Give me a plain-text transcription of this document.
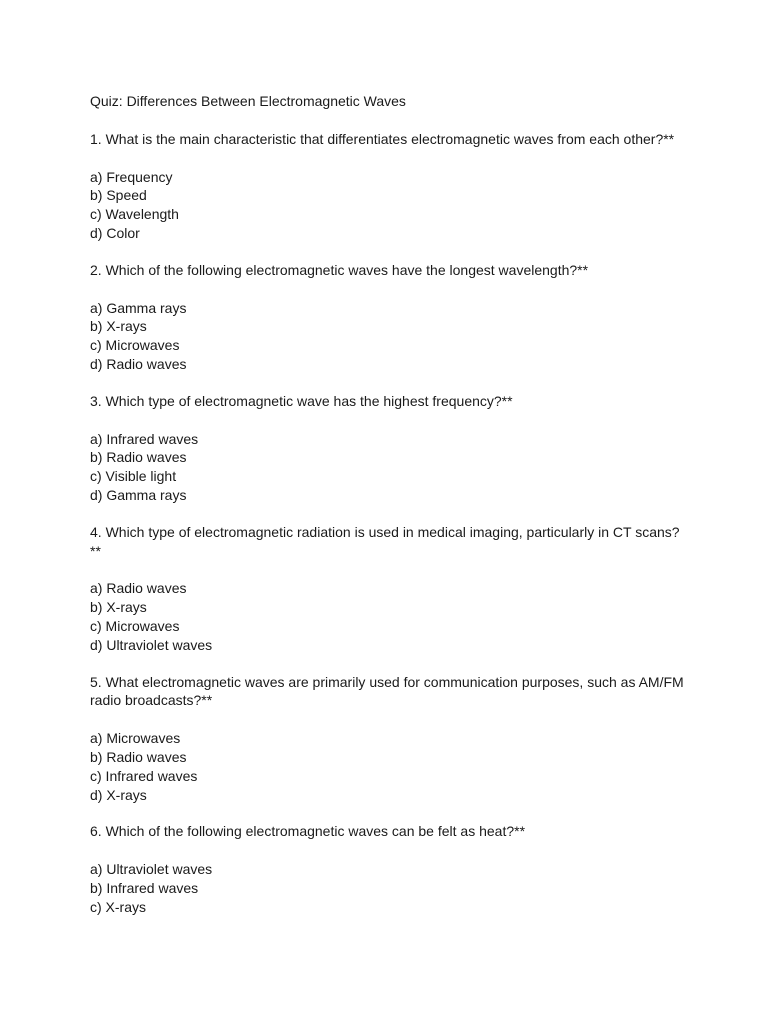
Quiz: Differences Between Electromagnetic Waves

1. What is the main characteristic that differentiates electromagnetic waves from each other?**

a) Frequency
b) Speed
c) Wavelength
d) Color

2. Which of the following electromagnetic waves have the longest wavelength?**

a) Gamma rays
b) X-rays
c) Microwaves
d) Radio waves

3. Which type of electromagnetic wave has the highest frequency?**

a) Infrared waves
b) Radio waves
c) Visible light
d) Gamma rays

4. Which type of electromagnetic radiation is used in medical imaging, particularly in CT scans?**

a) Radio waves
b) X-rays
c) Microwaves
d) Ultraviolet waves

5. What electromagnetic waves are primarily used for communication purposes, such as AM/FM radio broadcasts?**

a) Microwaves
b) Radio waves
c) Infrared waves
d) X-rays

6. Which of the following electromagnetic waves can be felt as heat?**

a) Ultraviolet waves
b) Infrared waves
c) X-rays
